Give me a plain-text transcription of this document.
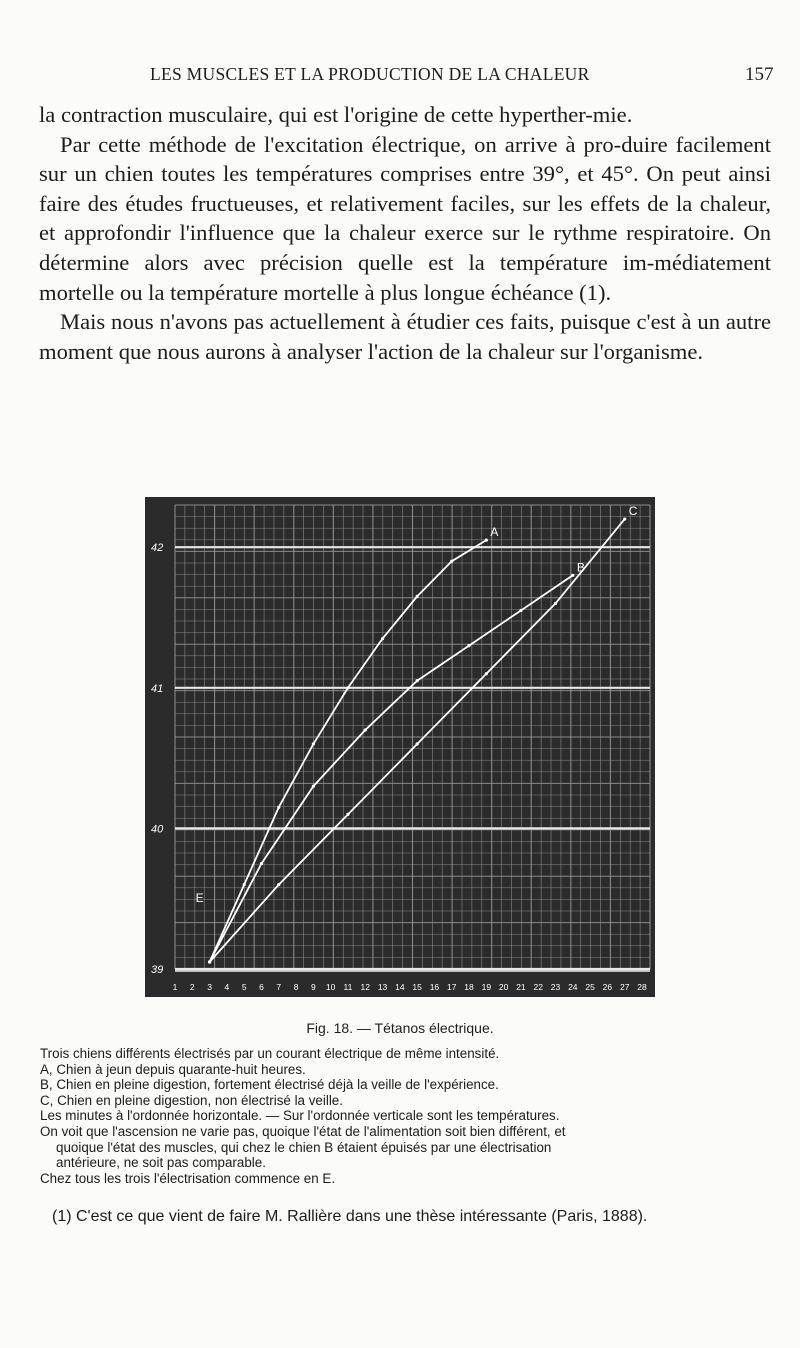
LES MUSCLES ET LA PRODUCTION DE LA CHALEUR	157

la contraction musculaire, qui est l'origine de cette hyperther-mie.

Par cette méthode de l'excitation électrique, on arrive à pro-duire facilement sur un chien toutes les températures comprises entre 39°, et 45°. On peut ainsi faire des études fructueuses, et relativement faciles, sur les effets de la chaleur, et approfondir l'influence que la chaleur exerce sur le rythme respiratoire. On détermine alors avec précision quelle est la température im-médiatement mortelle ou la température mortelle à plus longue échéance (1).

Mais nous n'avons pas actuellement à étudier ces faits, puisque c'est à un autre moment que nous aurons à analyser l'action de la chaleur sur l'organisme.

42
41
40
39
1 2 3 4 5 6 7 8 9 10 11 12 13 14 15 16 17 18 19 20 21 22 23 24 25 26 27 28
A
B
C
E
Fig. 18. — Tétanos électrique.
Trois chiens différents électrisés par un courant électrique de même intensité.
A, Chien à jeun depuis quarante-huit heures.
B, Chien en pleine digestion, fortement électrisé déjà la veille de l'expérience.
C, Chien en pleine digestion, non électrisé la veille.
Les minutes à l'ordonnée horizontale. — Sur l'ordonnée verticale sont les températures.
On voit que l'ascension ne varie pas, quoique l'état de l'alimentation soit bien différent, et
quoique l'état des muscles, qui chez le chien B étaient épuisés par une électrisation
antérieure, ne soit pas comparable.
Chez tous les trois l'électrisation commence en E.
(1) C'est ce que vient de faire M. Rallière dans une thèse intéressante (Paris, 1888).
